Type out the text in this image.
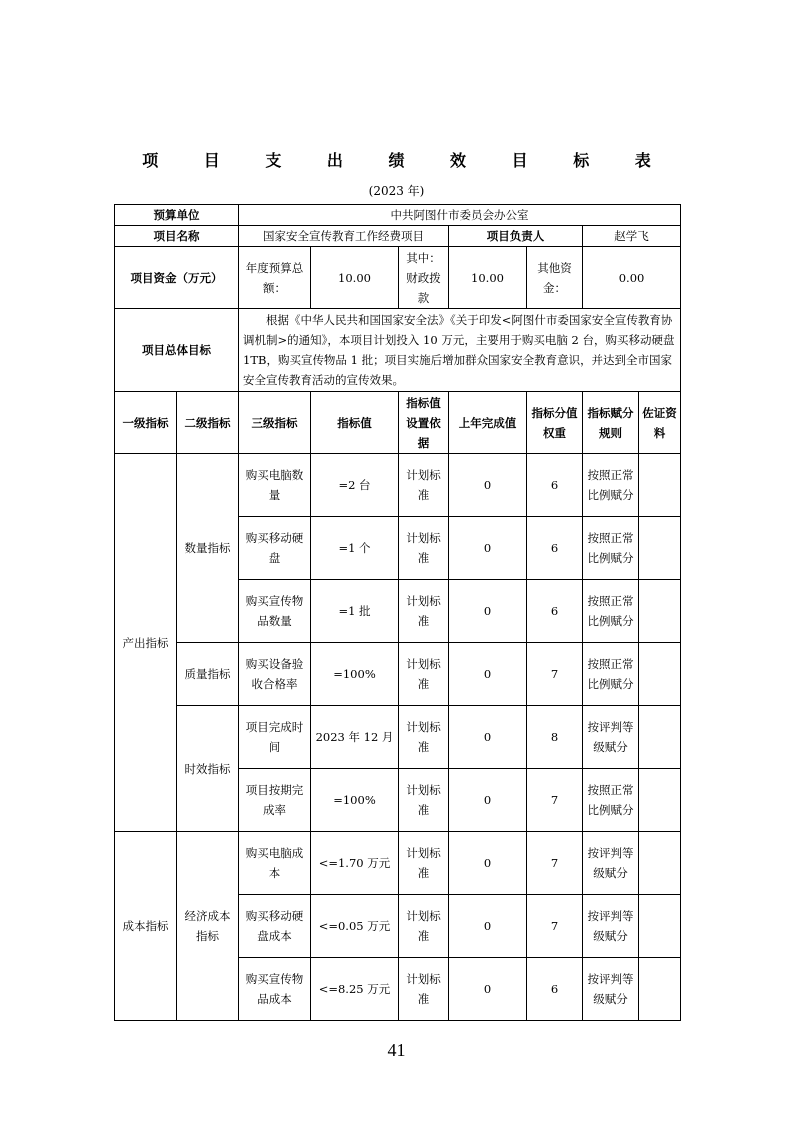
项 目 支 出 绩 效 目 标 表
(2023 年)
预算单位		中共阿图什市委员会办公室						
项目名称		国家安全宣传教育工作经费项目			项目负责人		赵学飞	
项目资金（万元）		年度预算总额：	10.00	其中：财政拨款	10.00	其他资金：	0.00	
项目总体目标		根据《中华人民共和国国家安全法》《关于印发<阿图什市委国家安全宣传教育协调机制>的通知》，本项目计划投入 10 万元，主要用于购买电脑 2 台，购买移动硬盘 1TB，购买宣传物品 1 批；项目实施后增加群众国家安全教育意识，并达到全市国家安全宣传教育活动的宣传效果。						
一级指标	二级指标	三级指标	指标值	指标值设置依据	上年完成值	指标分值权重	指标赋分规则	佐证资料
产出指标	数量指标	购买电脑数量	=2 台	计划标准	0	6	按照正常比例赋分	
		购买移动硬盘	=1 个	计划标准	0	6	按照正常比例赋分	
		购买宣传物品数量	=1 批	计划标准	0	6	按照正常比例赋分	
	质量指标	购买设备验收合格率	=100%	计划标准	0	7	按照正常比例赋分	
	时效指标	项目完成时间	2023 年 12 月	计划标准	0	8	按评判等级赋分	
		项目按期完成率	=100%	计划标准	0	7	按照正常比例赋分	
成本指标	经济成本指标	购买电脑成本	<=1.70 万元	计划标准	0	7	按评判等级赋分	
		购买移动硬盘成本	<=0.05 万元	计划标准	0	7	按评判等级赋分	
		购买宣传物品成本	<=8.25 万元	计划标准	0	6	按评判等级赋分	
41
